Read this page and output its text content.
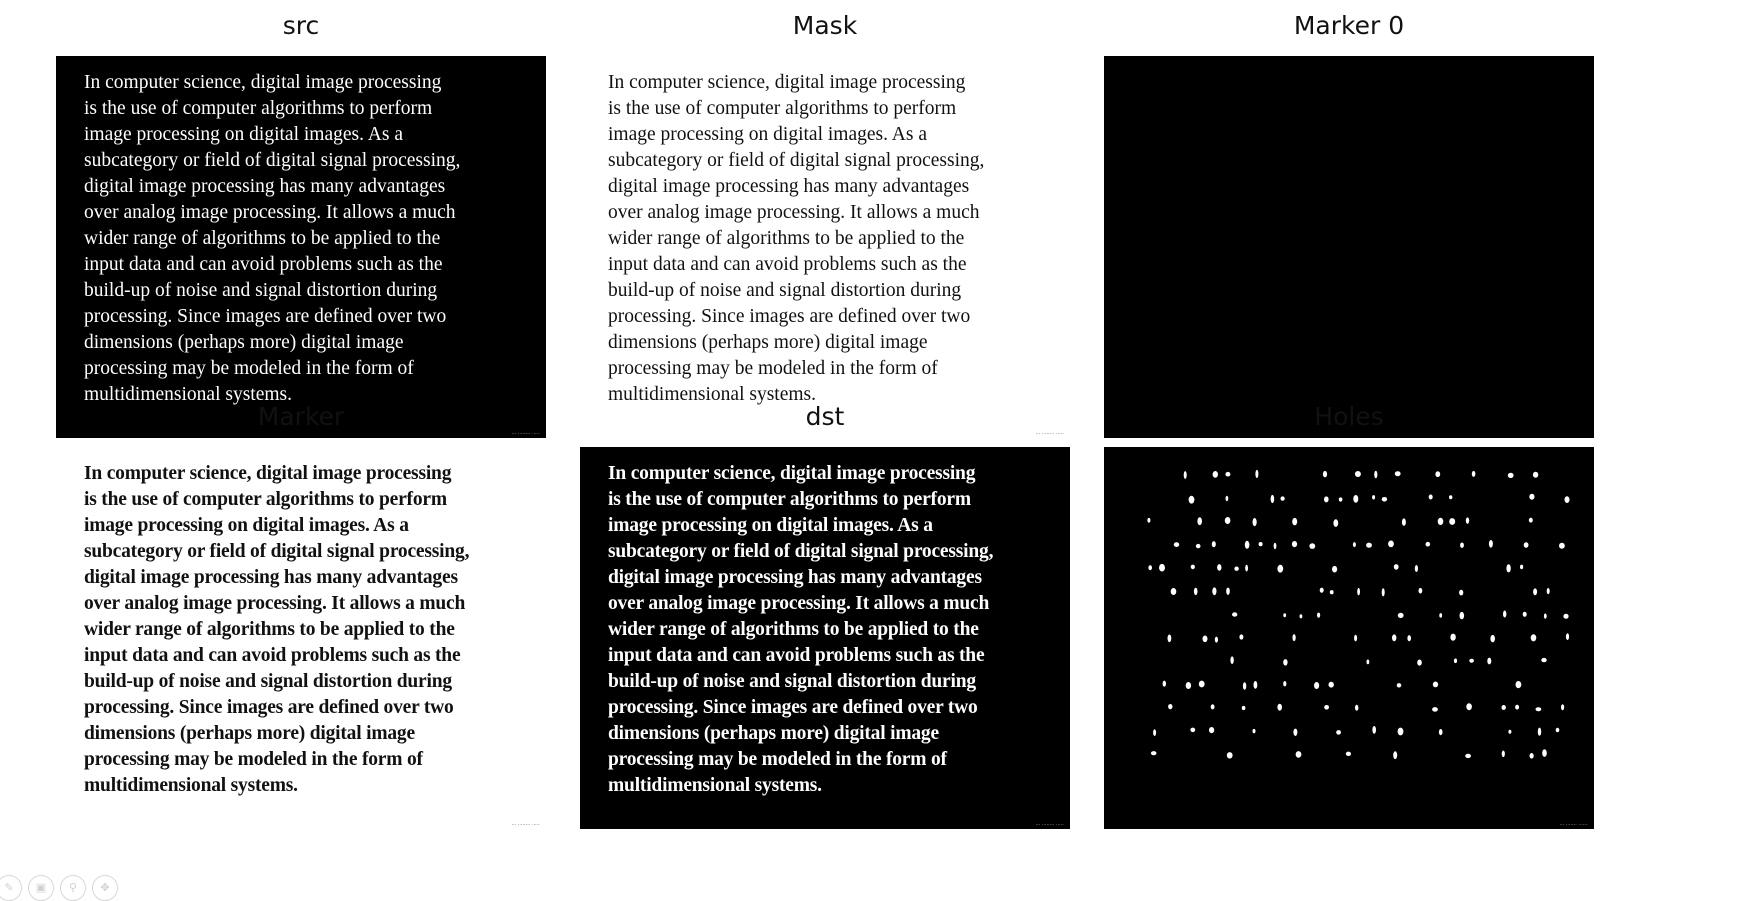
src
In computer science, digital image processing
is the use of computer algorithms to perform
image processing on digital images. As a
subcategory or field of digital signal processing,
digital image processing has many advantages
over analog image processing. It allows a much
wider range of algorithms to be applied to the
input data and can avoid problems such as the
build-up of noise and signal distortion during
processing. Since images are defined over two
dimensions (perhaps more) digital image
processing may be modeled in the form of
multidimensional systems.
··· ········ ·····
Mask
In computer science, digital image processing
is the use of computer algorithms to perform
image processing on digital images. As a
subcategory or field of digital signal processing,
digital image processing has many advantages
over analog image processing. It allows a much
wider range of algorithms to be applied to the
input data and can avoid problems such as the
build-up of noise and signal distortion during
processing. Since images are defined over two
dimensions (perhaps more) digital image
processing may be modeled in the form of
multidimensional systems.
··· ········ ·····
Marker 0
Marker
In computer science, digital image processing
is the use of computer algorithms to perform
image processing on digital images. As a
subcategory or field of digital signal processing,
digital image processing has many advantages
over analog image processing. It allows a much
wider range of algorithms to be applied to the
input data and can avoid problems such as the
build-up of noise and signal distortion during
processing. Since images are defined over two
dimensions (perhaps more) digital image
processing may be modeled in the form of
multidimensional systems.
··· ········ ·····
dst
In computer science, digital image processing
is the use of computer algorithms to perform
image processing on digital images. As a
subcategory or field of digital signal processing,
digital image processing has many advantages
over analog image processing. It allows a much
wider range of algorithms to be applied to the
input data and can avoid problems such as the
build-up of noise and signal distortion during
processing. Since images are defined over two
dimensions (perhaps more) digital image
processing may be modeled in the form of
multidimensional systems.
··· ········ ·····
Holes
··· ······· ······
✎	▣	⚲	✥
